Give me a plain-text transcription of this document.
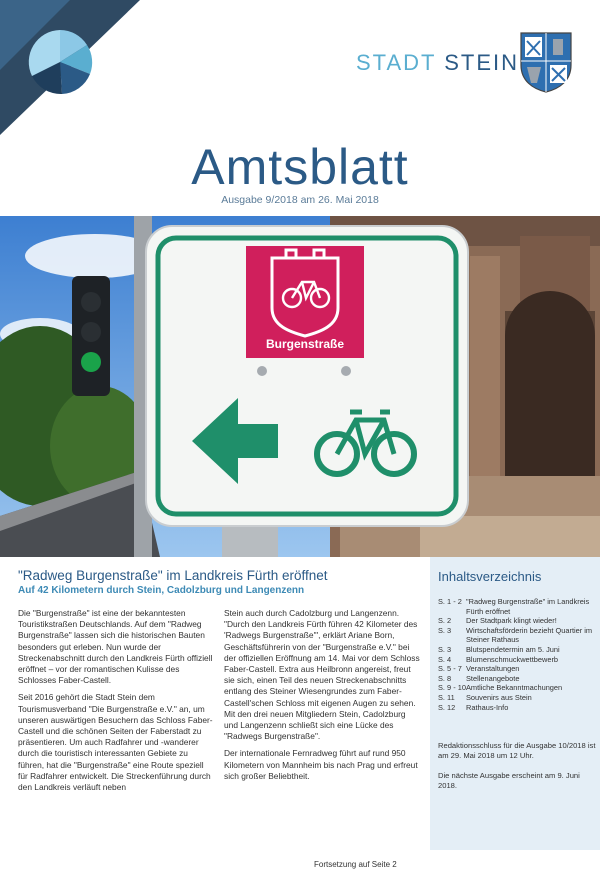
STADT STEIN
Amtsblatt
Ausgabe 9/2018 am 26. Mai 2018
Burgenstraße
"Radweg Burgenstraße" im Landkreis Fürth eröffnet
Auf 42 Kilometern durch Stein, Cadolzburg und Langenzenn

Die "Burgenstraße" ist eine der bekanntesten Touristikstraßen Deutschlands. Auf dem "Radweg Burgenstraße" lassen sich die historischen Bauten besonders gut erleben. Nun wurde der Streckenabschnitt durch den Landkreis Fürth offiziell eröffnet – vor der romantischen Kulisse des Schlosses Faber-Castell.

Seit 2016 gehört die Stadt Stein dem Tourismusverband "Die Burgenstraße e.V." an, um unseren auswärtigen Besuchern das Schloss Faber-Castell und die schönen Seiten der Faberstadt zu präsentieren. Um auch Radfahrer und -wanderer durch die touristisch interessanten Gebiete zu führen, hat die "Burgenstraße" eine Route speziell für Radfahrer entwickelt. Die Streckenführung durch den Landkreis verläuft neben

Stein auch durch Cadolzburg und Langenzenn. "Durch den Landkreis Fürth führen 42 Kilometer des 'Radwegs Burgenstraße'", erklärt Ariane Born, Geschäftsführerin von der "Burgenstraße e.V." bei der offiziellen Eröffnung am 14. Mai vor dem Schloss Faber-Castell. Extra aus Heilbronn angereist, freut sie sich, einen Teil des neuen Streckenabschnitts entlang des Steiner Wiesengrundes zum Faber-Castell'schen Schloss mit eigenen Augen zu sehen. Mit den drei neuen Mitgliedern Stein, Cadolzburg und Langenzenn schließt sich eine Lücke des "Radwegs Burgenstraße".

Der internationale Fernradweg führt auf rund 950 Kilometern von Mannheim bis nach Prag und erfreut sich großer Beliebtheit.

Fortsetzung auf Seite 2
Inhaltsverzeichnis
S. 1 - 2 "Radweg Burgenstraße" im Landkreis Fürth eröffnet
S. 2	Der Stadtpark klingt wieder!
S. 3	Wirtschaftsförderin bezieht Quartier im Steiner Rathaus
S. 3	Blutspendetermin am 5. Juni
S. 4	Blumenschmuckwettbewerb
S. 5 - 7 Veranstaltungen
S. 8	Stellenangebote
S. 9 - 10 Amtliche Bekanntmachungen
S. 11	Souvenirs aus Stein
S. 12	Rathaus-Info
Redaktionsschluss für die Ausgabe 10/2018 ist am 29. Mai 2018 um 12 Uhr.
Die nächste Ausgabe erscheint am 9. Juni 2018.
